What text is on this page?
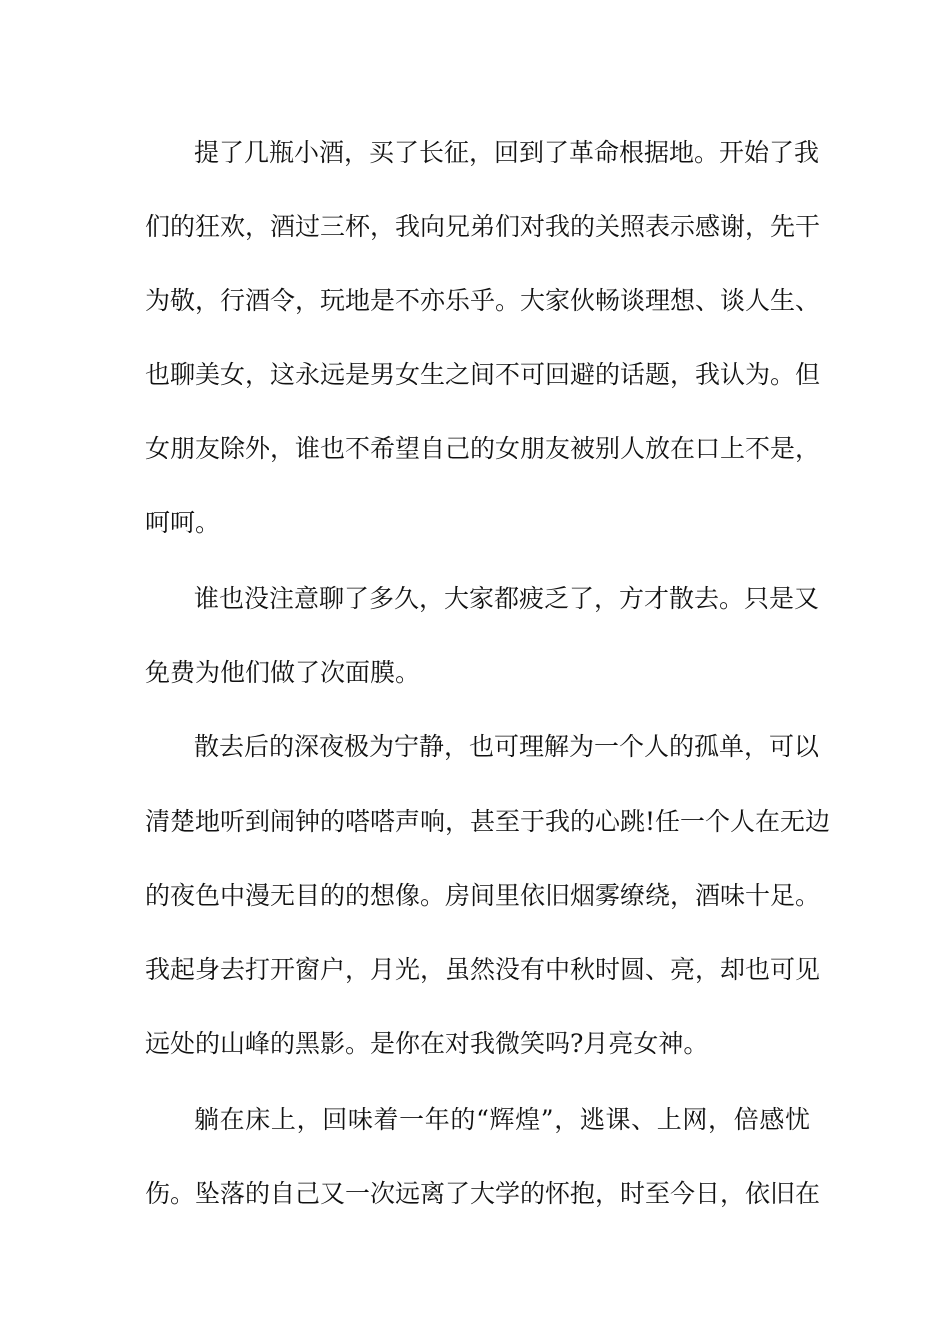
提了几瓶小酒，买了长征，回到了革命根据地。开始了我

们的狂欢，酒过三杯，我向兄弟们对我的关照表示感谢，先干

为敬，行酒令，玩地是不亦乐乎。大家伙畅谈理想、谈人生、

也聊美女，这永远是男女生之间不可回避的话题，我认为。但

女朋友除外，谁也不希望自己的女朋友被别人放在口上不是，

呵呵。

谁也没注意聊了多久，大家都疲乏了，方才散去。只是又

免费为他们做了次面膜。

散去后的深夜极为宁静，也可理解为一个人的孤单，可以

清楚地听到闹钟的嗒嗒声响，甚至于我的心跳!任一个人在无边

的夜色中漫无目的的想像。房间里依旧烟雾缭绕，酒味十足。

我起身去打开窗户，月光，虽然没有中秋时圆、亮，却也可见

远处的山峰的黑影。是你在对我微笑吗?月亮女神。

躺在床上，回味着一年的“辉煌”，逃课、上网，倍感忧

伤。坠落的自己又一次远离了大学的怀抱，时至今日，依旧在
